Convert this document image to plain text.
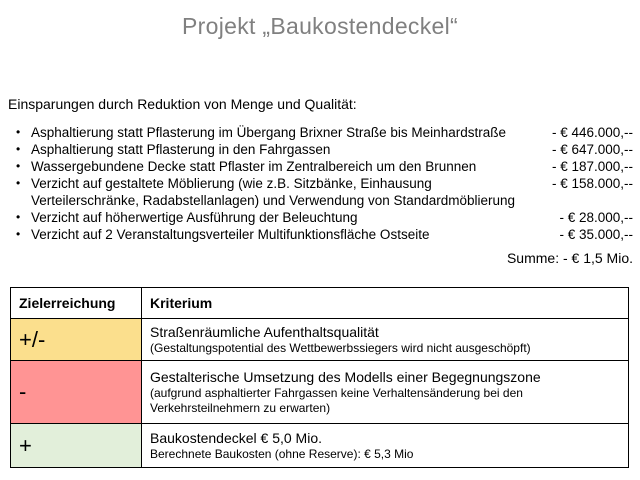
Projekt „Baukostendeckel“
Einsparungen durch Reduktion von Menge und Qualität:
• Asphaltierung statt Pflasterung im Übergang Brixner Straße bis Meinhardstraße	- € 446.000,--
• Asphaltierung statt Pflasterung in den Fahrgassen	- € 647.000,--
• Wassergebundene Decke statt Pflaster im Zentralbereich um den Brunnen	- € 187.000,--
• Verzicht auf gestaltete Möblierung (wie z.B. Sitzbänke, Einhausung Verteilerschränke, Radabstellanlagen) und Verwendung von Standardmöblierung
- € 158.000,--
• Verzicht auf höherwertige Ausführung der Beleuchtung	- € 28.000,--
• Verzicht auf 2 Veranstaltungsverteiler Multifunktionsfläche Ostseite	- € 35.000,--
Summe: - € 1,5 Mio.
Zielerreichung	Kriterium
+/-	Straßenräumliche Aufenthaltsqualität
(Gestaltungspotential des Wettbewerbssiegers wird nicht ausgeschöpft)

-	Gestalterische Umsetzung des Modells einer Begegnungszone
(aufgrund asphaltierter Fahrgassen keine Verhaltensänderung bei den Verkehrsteilnehmern zu erwarten)

+	Baukostendeckel € 5,0 Mio.
Berechnete Baukosten (ohne Reserve): € 5,3 Mio
